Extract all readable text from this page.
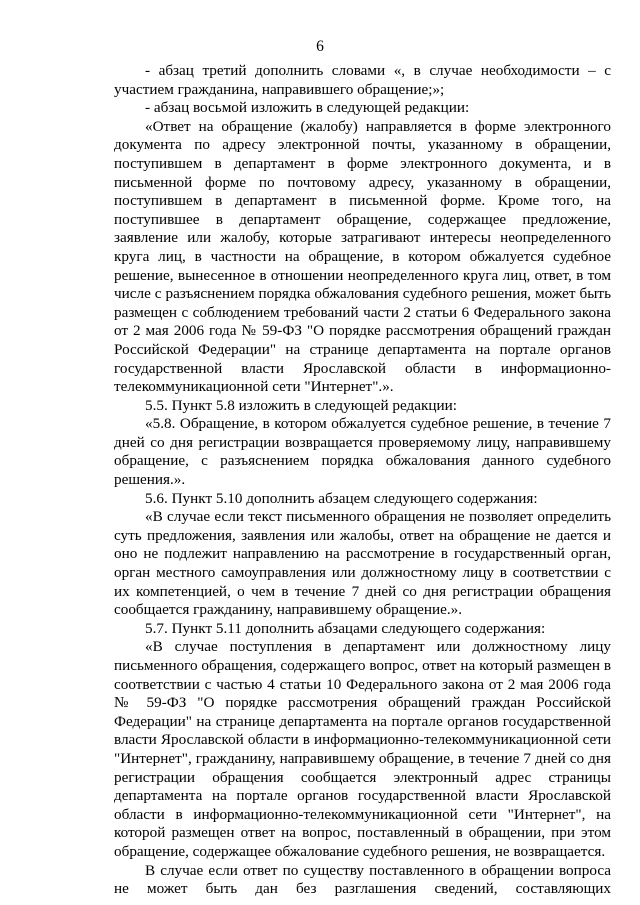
6

- абзац третий дополнить словами «, в случае необходимости – с участием гражданина, направившего обращение;»;

- абзац восьмой изложить в следующей редакции:

«Ответ на обращение (жалобу) направляется в форме электронного документа по адресу электронной почты, указанному в обращении, поступившем в департамент в форме электронного документа, и в письменной форме по почтовому адресу, указанному в обращении, поступившем в департамент в письменной форме. Кроме того, на поступившее в департамент обращение, содержащее предложение, заявление или жалобу, которые затрагивают интересы неопределенного круга лиц, в частности на обращение, в котором обжалуется судебное решение, вынесенное в отношении неопределенного круга лиц, ответ, в том числе с разъяснением порядка обжалования судебного решения, может быть размещен с соблюдением требований части 2 статьи 6 Федерального закона от 2 мая 2006 года № 59-ФЗ "О порядке рассмотрения обращений граждан Российской Федерации" на странице департамента на портале органов государственной власти Ярославской области в информационно-телекоммуникационной сети "Интернет".».

5.5. Пункт 5.8 изложить в следующей редакции:

«5.8. Обращение, в котором обжалуется судебное решение, в течение 7 дней со дня регистрации возвращается проверяемому лицу, направившему обращение, с разъяснением порядка обжалования данного судебного решения.».

5.6. Пункт 5.10 дополнить абзацем следующего содержания:

«В случае если текст письменного обращения не позволяет определить суть предложения, заявления или жалобы, ответ на обращение не дается и оно не подлежит направлению на рассмотрение в государственный орган, орган местного самоуправления или должностному лицу в соответствии с их компетенцией, о чем в течение 7 дней со дня регистрации обращения сообщается гражданину, направившему обращение.».

5.7. Пункт 5.11 дополнить абзацами следующего содержания:

«В случае поступления в департамент или должностному лицу письменного обращения, содержащего вопрос, ответ на который размещен в соответствии с частью 4 статьи 10 Федерального закона от 2 мая 2006 года № 59-ФЗ "О порядке рассмотрения обращений граждан Российской Федерации" на странице департамента на портале органов государственной власти Ярославской области в информационно-телекоммуникационной сети "Интернет", гражданину, направившему обращение, в течение 7 дней со дня регистрации обращения сообщается электронный адрес страницы департамента на портале органов государственной власти Ярославской области в информационно-телекоммуникационной сети "Интернет", на которой размещен ответ на вопрос, поставленный в обращении, при этом обращение, содержащее обжалование судебного решения, не возвращается.

В случае если ответ по существу поставленного в обращении вопроса не может быть дан без разглашения сведений, составляющих
